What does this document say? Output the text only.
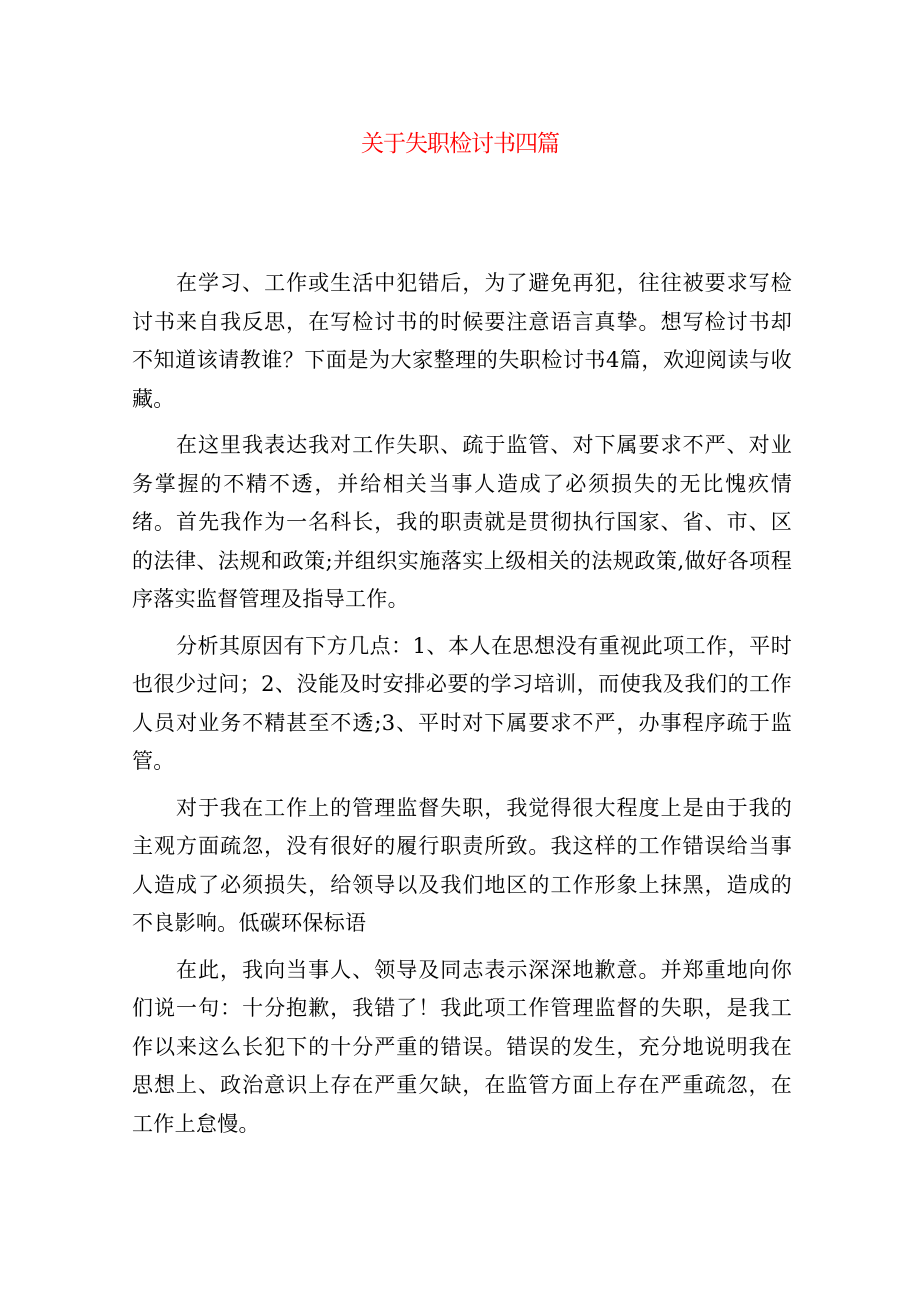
关于失职检讨书四篇

在学习、工作或生活中犯错后，为了避免再犯，往往被要求写检讨书来自我反思，在写检讨书的时候要注意语言真挚。想写检讨书却不知道该请教谁？下面是为大家整理的失职检讨书4篇，欢迎阅读与收藏。

在这里我表达我对工作失职、疏于监管、对下属要求不严、对业务掌握的不精不透，并给相关当事人造成了必须损失的无比愧疚情绪。首先我作为一名科长，我的职责就是贯彻执行国家、省、市、区的法律、法规和政策;并组织实施落实上级相关的法规政策,做好各项程序落实监督管理及指导工作。

分析其原因有下方几点：1、本人在思想没有重视此项工作，平时也很少过问；2、没能及时安排必要的学习培训，而使我及我们的工作人员对业务不精甚至不透;3、平时对下属要求不严，办事程序疏于监管。

对于我在工作上的管理监督失职，我觉得很大程度上是由于我的主观方面疏忽，没有很好的履行职责所致。我这样的工作错误给当事人造成了必须损失，给领导以及我们地区的工作形象上抹黑，造成的不良影响。低碳环保标语

在此，我向当事人、领导及同志表示深深地歉意。并郑重地向你们说一句：十分抱歉，我错了！我此项工作管理监督的失职，是我工作以来这么长犯下的十分严重的错误。错误的发生，充分地说明我在思想上、政治意识上存在严重欠缺，在监管方面上存在严重疏忽，在工作上怠慢。
